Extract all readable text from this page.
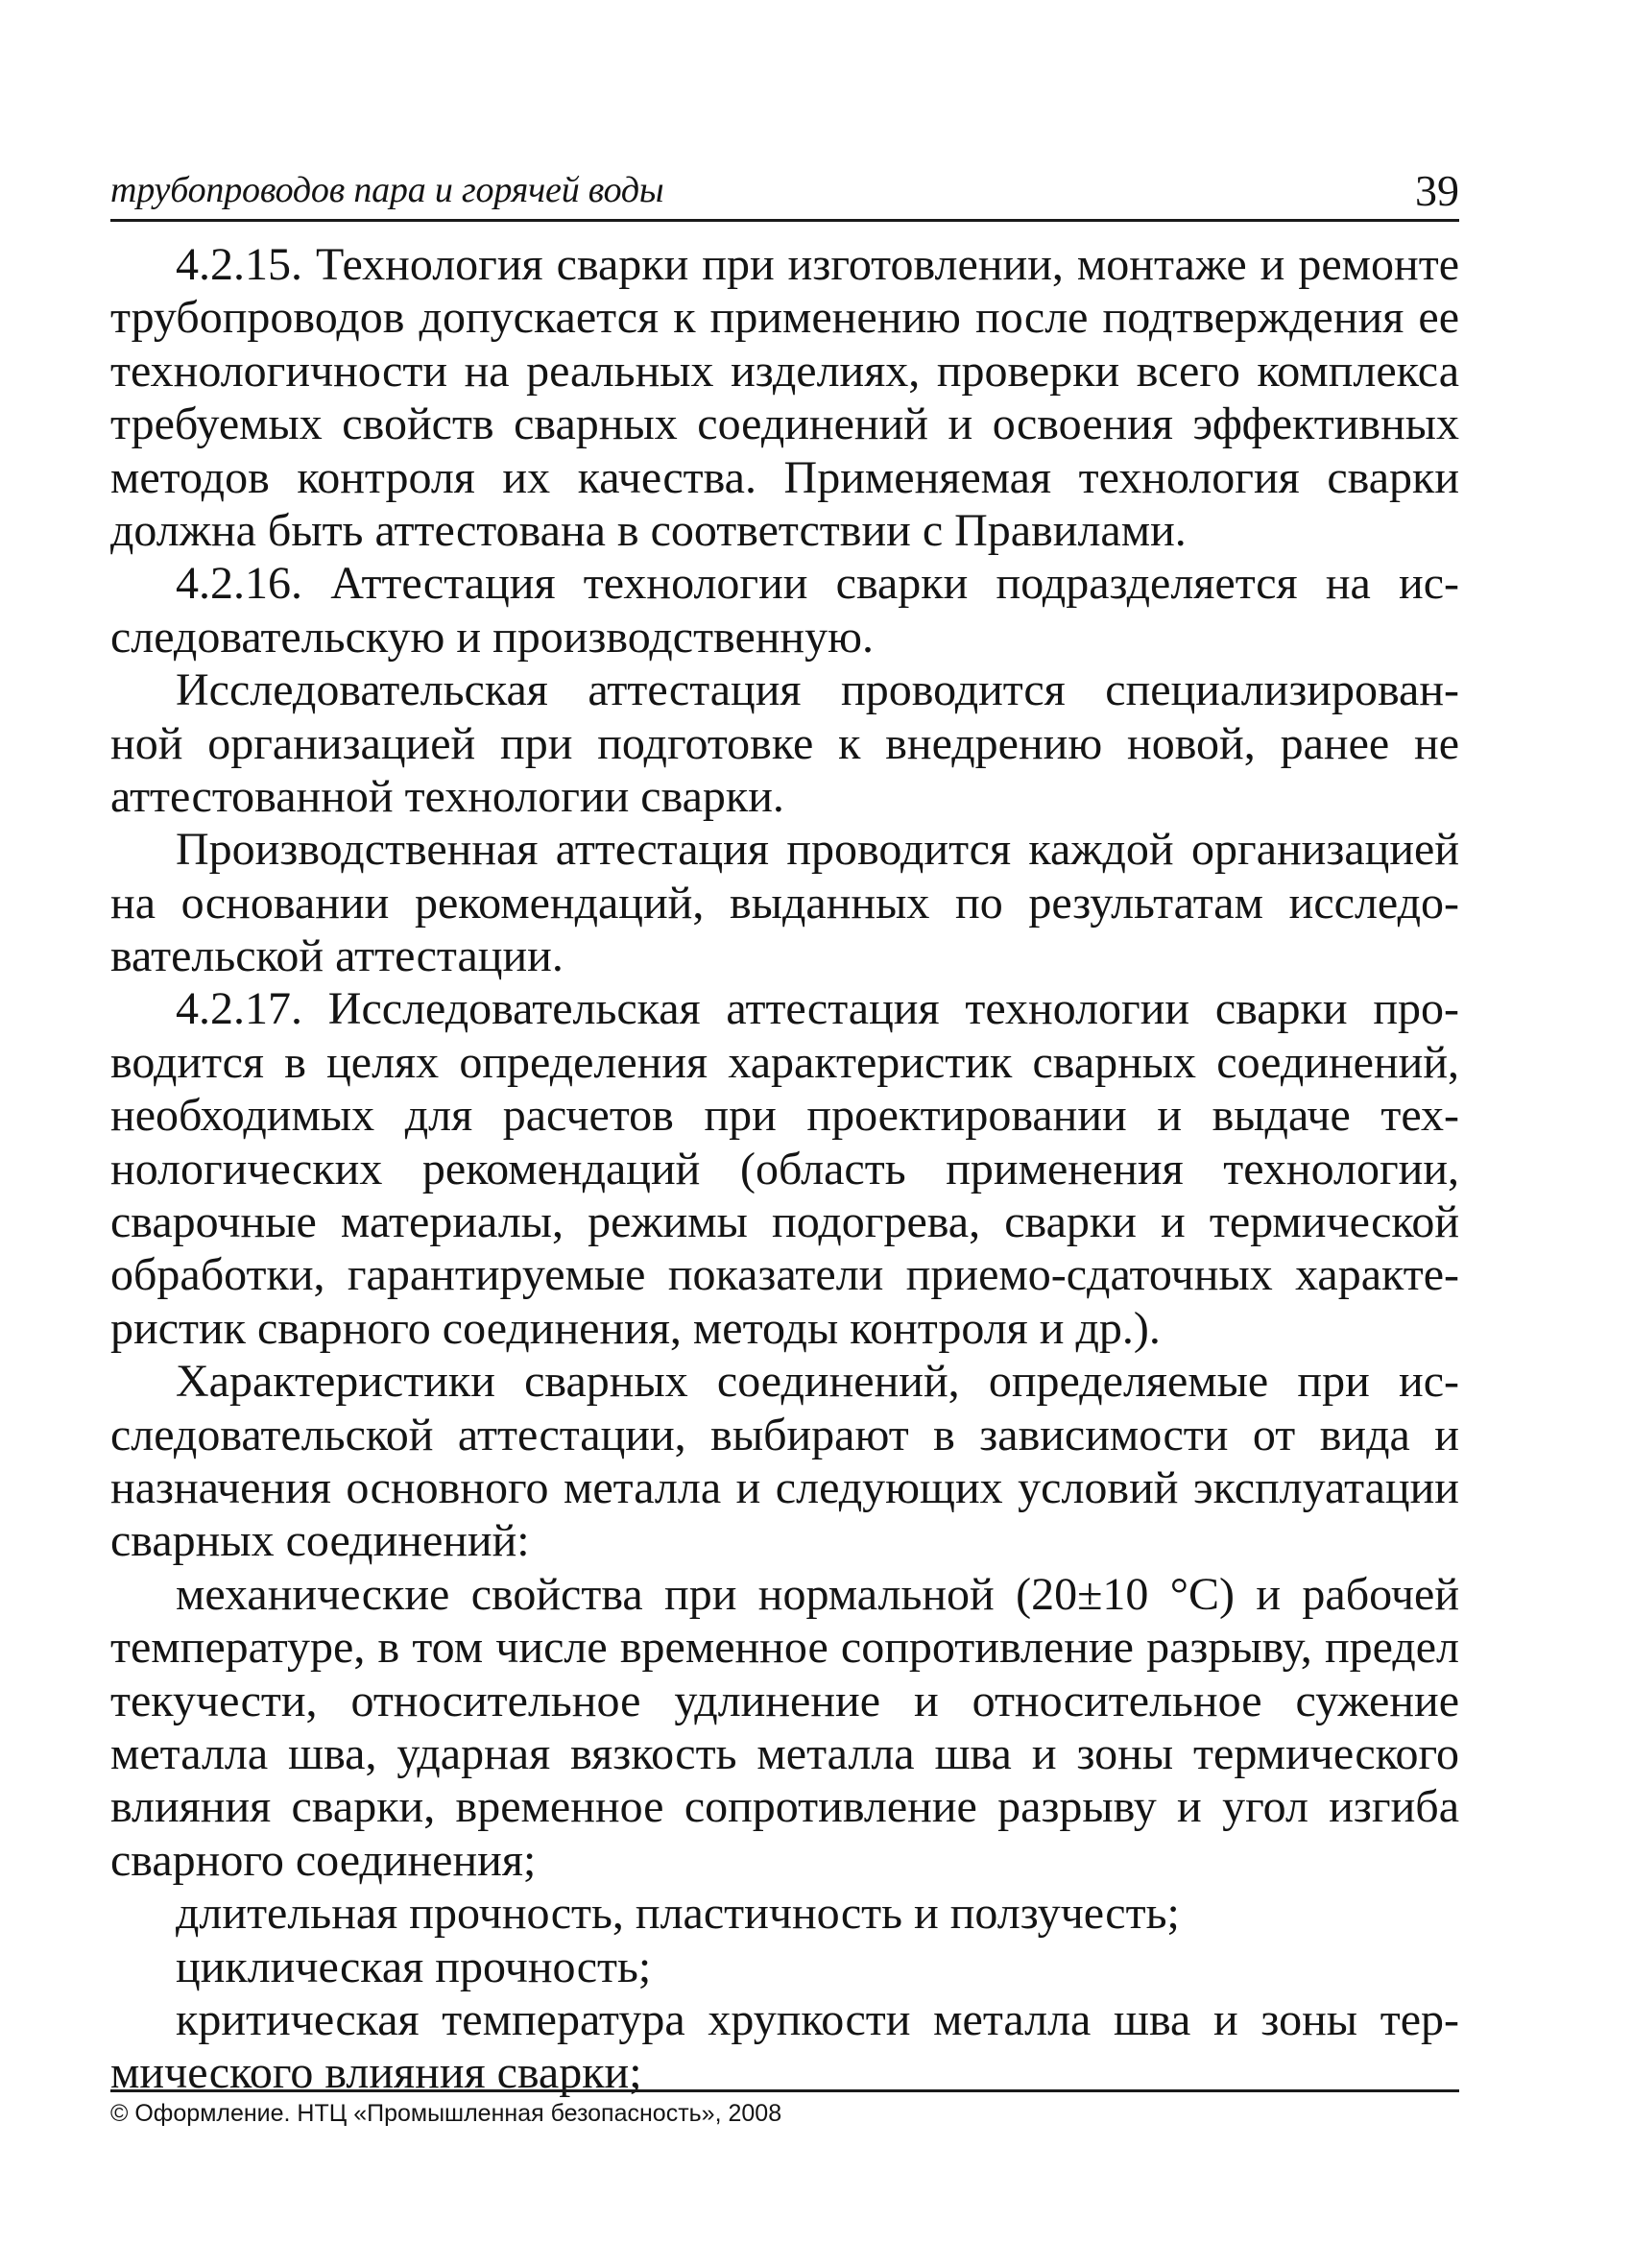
трубопроводов пара и горячей воды	39
4.2.15. Технология сварки при изготовлении, монтаже и ремонте
трубопроводов допускается к применению после подтверждения ее
технологичности на реальных изделиях, проверки всего комплекса
требуемых свойств сварных соединений и освоения эффективных
методов контроля их качества. Применяемая технология сварки
должна быть аттестована в соответствии с Правилами.
4.2.16. Аттестация технологии сварки подразделяется на ис-
следовательскую и производственную.
Исследовательская аттестация проводится специализирован-
ной организацией при подготовке к внедрению новой, ранее не
аттестованной технологии сварки.
Производственная аттестация проводится каждой организацией
на основании рекомендаций, выданных по результатам исследо-
вательской аттестации.
4.2.17. Исследовательская аттестация технологии сварки про-
водится в целях определения характеристик сварных соединений,
необходимых для расчетов при проектировании и выдаче тех-
нологических рекомендаций (область применения технологии,
сварочные материалы, режимы подогрева, сварки и термической
обработки, гарантируемые показатели приемо-сдаточных характе-
ристик сварного соединения, методы контроля и др.).
Характеристики сварных соединений, определяемые при ис-
следовательской аттестации, выбирают в зависимости от вида и
назначения основного металла и следующих условий эксплуатации
сварных соединений:
механические свойства при нормальной (20±10 °С) и рабочей
температуре, в том числе временное сопротивление разрыву, предел
текучести, относительное удлинение и относительное сужение
металла шва, ударная вязкость металла шва и зоны термического
влияния сварки, временное сопротивление разрыву и угол изгиба
сварного соединения;
длительная прочность, пластичность и ползучесть;
циклическая прочность;
критическая температура хрупкости металла шва и зоны тер-
мического влияния сварки;
© Оформление. НТЦ «Промышленная безопасность», 2008
